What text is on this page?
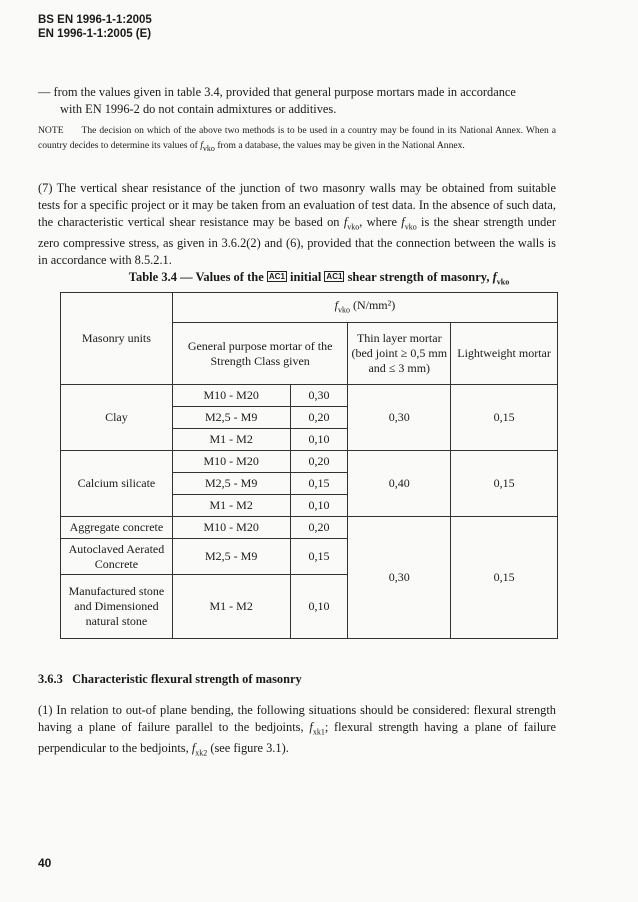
BS EN 1996-1-1:2005
EN 1996-1-1:2005 (E)
— from the values given in table 3.4, provided that general purpose mortars made in accordance
with EN 1996-2 do not contain admixtures or additives.
NOTE The decision on which of the above two methods is to be used in a country may be found in its National Annex. When a country decides to determine its values of $f_{vko}$ from a database, the values may be given in the National Annex.
(7) The vertical shear resistance of the junction of two masonry walls may be obtained from suitable tests for a specific project or it may be taken from an evaluation of test data. In the absence of such data, the characteristic vertical shear resistance may be based on $f_{vko}$, where $f_{vko}$ is the shear strength under zero compressive stress, as given in 3.6.2(2) and (6), provided that the connection between the walls is in accordance with 8.5.2.1.
Table 3.4 — Values of the AC1 initial AC1 shear strength of masonry, $f_{vko}$
Masonry units	$f_{vko}$ (N/mm²)			
	General purpose mortar of the Strength Class given		Thin layer mortar (bed joint ≥ 0,5 mm and ≤ 3 mm)	Lightweight mortar
Clay	M10 - M20	0,30	0,30	0,15
	M2,5 - M9	0,20		
	M1 - M2	0,10		
Calcium silicate	M10 - M20	0,20	0,40	0,15
	M2,5 - M9	0,15		
	M1 - M2	0,10		
Aggregate concrete	M10 - M20	0,20	0,30	0,15
Autoclaved Aerated Concrete	M2,5 - M9	0,15		
Manufactured stone and Dimensioned natural stone	M1 - M2	0,10		
3.6.3 Characteristic flexural strength of masonry
(1) In relation to out-of plane bending, the following situations should be considered: flexural strength having a plane of failure parallel to the bedjoints, $f_{xk1}$; flexural strength having a plane of failure perpendicular to the bedjoints, $f_{xk2}$ (see figure 3.1).
40
